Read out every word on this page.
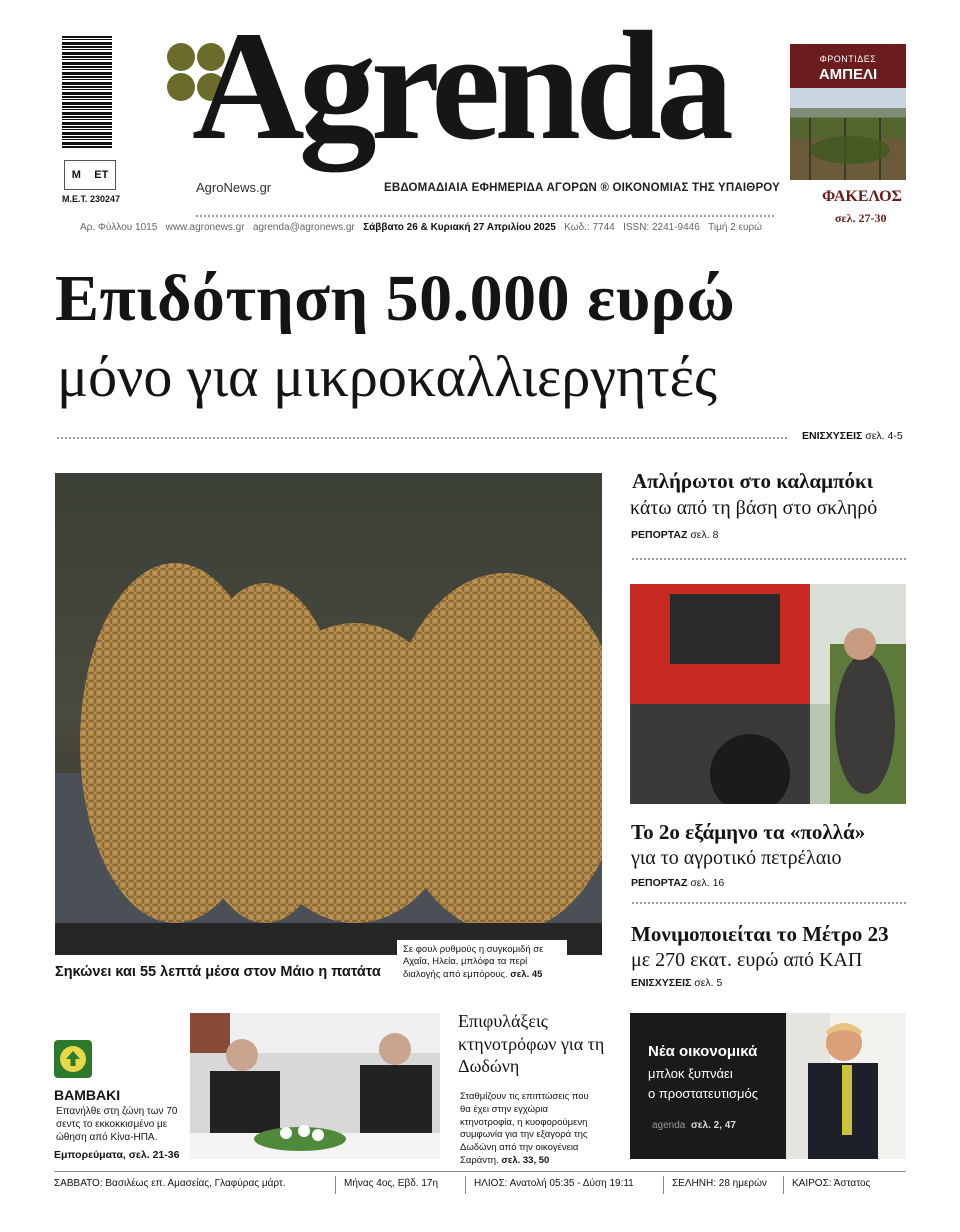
Μ ΕΤ
Μ.Ε.Τ. 230247
Agrenda
AgroNews.gr	ΕΒΔΟΜΑΔΙΑΙΑ ΕΦΗΜΕΡΙΔΑ ΑΓΟΡΩΝ ® ΟΙΚΟΝΟΜΙΑΣ ΤΗΣ ΥΠΑΙΘΡΟΥ
Αρ. Φύλλου 1015 www.agronews.gr agrenda@agronews.gr Σάββατο 26 & Κυριακή 27 Απριλίου 2025 Κωδ.: 7744 ISSN: 2241-9446 Τιμή 2 ευρώ
ΦΡΟΝΤΙΔΕΣ
ΑΜΠΕΛΙ
ΦΑΚΕΛΟΣ
σελ. 27-30
Επιδότηση 50.000 ευρώ
μόνο για μικροκαλλιεργητές
ΕΝΙΣΧΥΣΕΙΣ σελ. 4-5
Σηκώνει και 55 λεπτά μέσα στον Μάιο η πατάτα
Σε φουλ ρυθμούς η συγκομιδή σε Αχαΐα, Ηλεία, μπλόφα τα περί διαλογής από εμπόρους. σελ. 45
Απλήρωτοι στο καλαμπόκι
κάτω από τη βάση στο σκληρό
ΡΕΠΟΡΤΑΖ σελ. 8
Το 2ο εξάμηνο τα «πολλά»
για το αγροτικό πετρέλαιο
ΡΕΠΟΡΤΑΖ σελ. 16
Μονιμοποιείται το Μέτρο 23
με 270 εκατ. ευρώ από ΚΑΠ
ΕΝΙΣΧΥΣΕΙΣ σελ. 5
ΒΑΜΒΑΚΙ
Επανήλθε στη ζώνη των 70 σεντς το εκκοκκισμένο με ώθηση από Κίνα-ΗΠΑ.
Εμπορεύματα, σελ. 21-36
Επιφυλάξεις κτηνοτρόφων για τη Δωδώνη
Σταθμίζουν τις επιπτώσεις που θα έχει στην εγχώρια κτηνοτροφία, η κυοφορούμενη συμφωνία για την εξαγορά της Δωδώνη από την οικογένεια Σαράντη. σελ. 33, 50
Νέα οικονομικά
μπλοκ ξυπνάει
ο προστατευτισμός
agenda σελ. 2, 47
ΣΑΒΒΑΤΟ: Βασιλέως επ. Αμασείας, Γλαφύρας μάρτ.	Μήνας 4ος, Εβδ. 17η	ΗΛΙΟΣ: Ανατολή 05:35 - Δύση 19:11	ΣΕΛΗΝΗ: 28 ημερών	ΚΑΙΡΟΣ: Άστατος
